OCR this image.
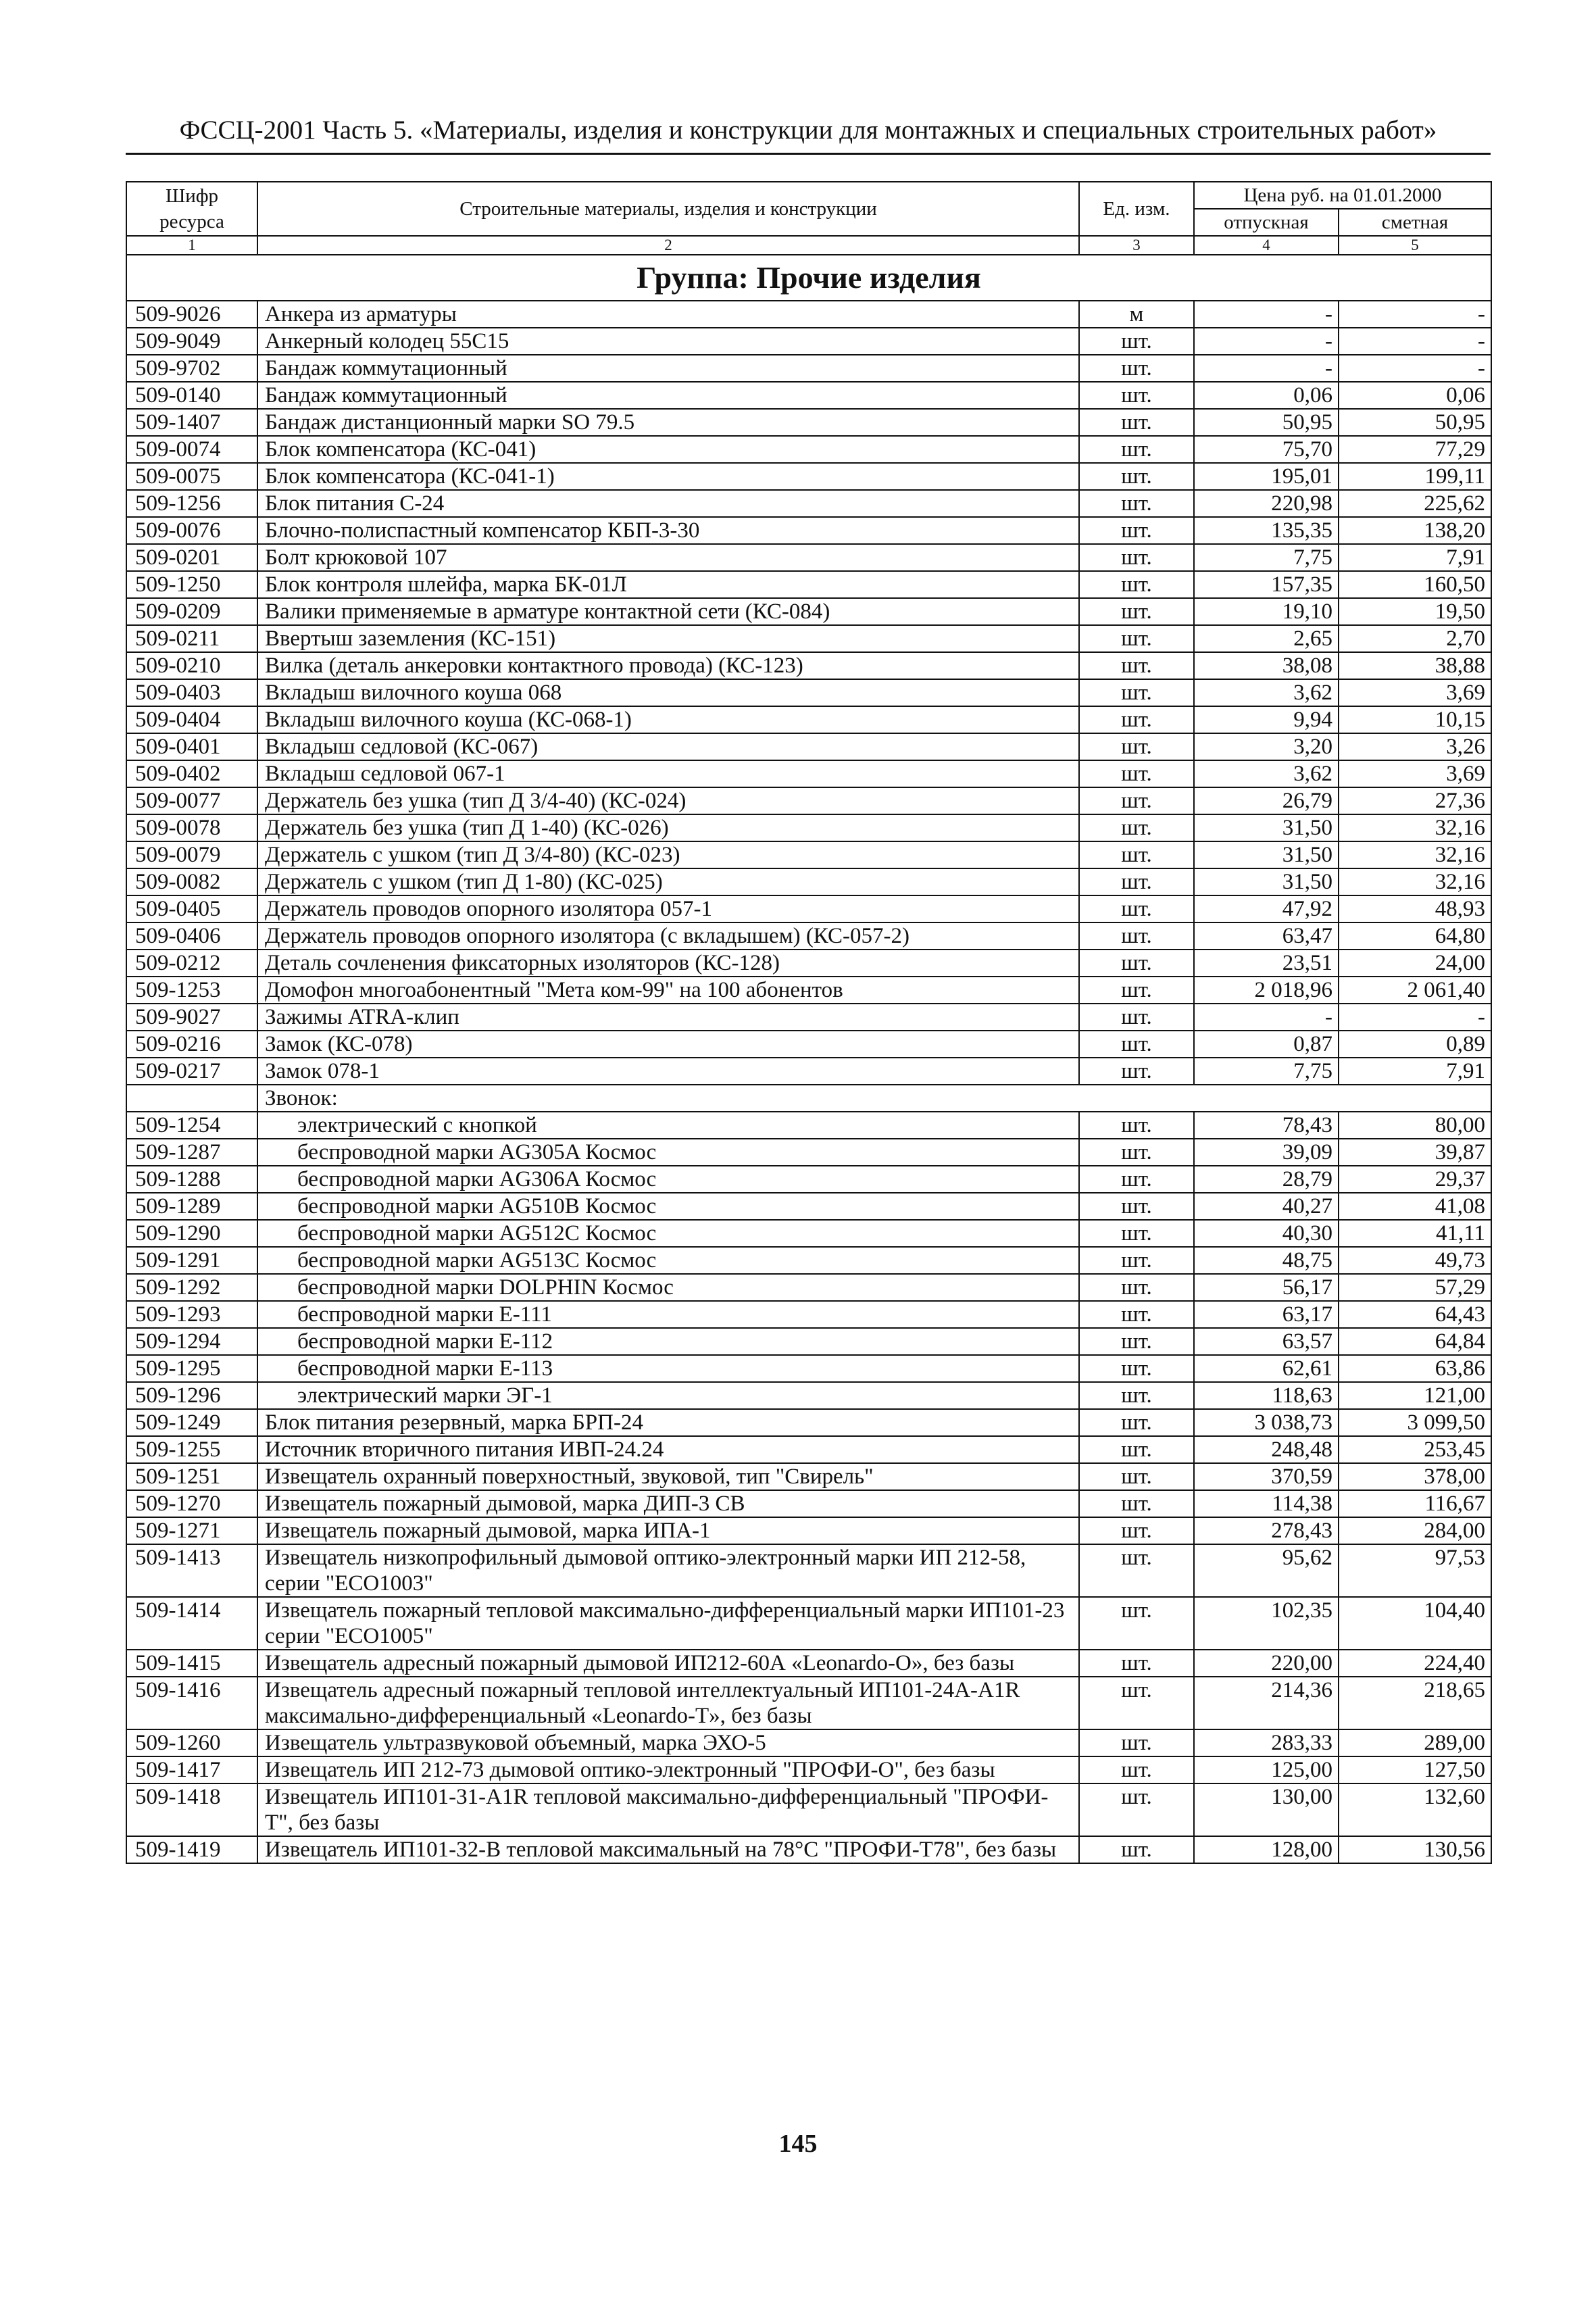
ФССЦ-2001 Часть 5. «Материалы, изделия и конструкции для монтажных и специальных строительных работ»
Шифр ресурса	Строительные материалы, изделия и конструкции	Ед. изм.	Цена руб. на 01.01.2000	
			отпускная	сметная
1	2	3	4	5
Группа: Прочие изделия				
509-9026	Анкера из арматуры	м	-	-
509-9049	Анкерный колодец 55С15	шт.	-	-
509-9702	Бандаж коммутационный	шт.	-	-
509-0140	Бандаж коммутационный	шт.	0,06	0,06
509-1407	Бандаж дистанционный марки SO 79.5	шт.	50,95	50,95
509-0074	Блок компенсатора (КС-041)	шт.	75,70	77,29
509-0075	Блок компенсатора (КС-041-1)	шт.	195,01	199,11
509-1256	Блок питания С-24	шт.	220,98	225,62
509-0076	Блочно-полиспастный компенсатор КБП-3-30	шт.	135,35	138,20
509-0201	Болт крюковой 107	шт.	7,75	7,91
509-1250	Блок контроля шлейфа, марка БК-01Л	шт.	157,35	160,50
509-0209	Валики применяемые в арматуре контактной сети (КС-084)	шт.	19,10	19,50
509-0211	Ввертыш заземления (КС-151)	шт.	2,65	2,70
509-0210	Вилка (деталь анкеровки контактного провода) (КС-123)	шт.	38,08	38,88
509-0403	Вкладыш вилочного коуша 068	шт.	3,62	3,69
509-0404	Вкладыш вилочного коуша (КС-068-1)	шт.	9,94	10,15
509-0401	Вкладыш седловой (КС-067)	шт.	3,20	3,26
509-0402	Вкладыш седловой 067-1	шт.	3,62	3,69
509-0077	Держатель без ушка (тип Д 3/4-40) (КС-024)	шт.	26,79	27,36
509-0078	Держатель без ушка (тип Д 1-40) (КС-026)	шт.	31,50	32,16
509-0079	Держатель с ушком (тип Д 3/4-80) (КС-023)	шт.	31,50	32,16
509-0082	Держатель с ушком (тип Д 1-80) (КС-025)	шт.	31,50	32,16
509-0405	Держатель проводов опорного изолятора 057-1	шт.	47,92	48,93
509-0406	Держатель проводов опорного изолятора (с вкладышем) (КС-057-2)	шт.	63,47	64,80
509-0212	Деталь сочленения фиксаторных изоляторов (КС-128)	шт.	23,51	24,00
509-1253	Домофон многоабонентный "Мета ком-99" на 100 абонентов	шт.	2 018,96	2 061,40
509-9027	Зажимы ATRA-клип	шт.	-	-
509-0216	Замок (КС-078)	шт.	0,87	0,89
509-0217	Замок 078-1	шт.	7,75	7,91
	Звонок:			
509-1254	электрический с кнопкой	шт.	78,43	80,00
509-1287	беспроводной марки AG305A Космос	шт.	39,09	39,87
509-1288	беспроводной марки AG306A Космос	шт.	28,79	29,37
509-1289	беспроводной марки AG510B Космос	шт.	40,27	41,08
509-1290	беспроводной марки AG512C Космос	шт.	40,30	41,11
509-1291	беспроводной марки AG513C Космос	шт.	48,75	49,73
509-1292	беспроводной марки DOLPHIN Космос	шт.	56,17	57,29
509-1293	беспроводной марки Е-111	шт.	63,17	64,43
509-1294	беспроводной марки Е-112	шт.	63,57	64,84
509-1295	беспроводной марки Е-113	шт.	62,61	63,86
509-1296	электрический марки ЭГ-1	шт.	118,63	121,00
509-1249	Блок питания резервный, марка БРП-24	шт.	3 038,73	3 099,50
509-1255	Источник вторичного питания ИВП-24.24	шт.	248,48	253,45
509-1251	Извещатель охранный поверхностный, звуковой, тип "Свирель"	шт.	370,59	378,00
509-1270	Извещатель пожарный дымовой, марка ДИП-3 СВ	шт.	114,38	116,67
509-1271	Извещатель пожарный дымовой, марка ИПА-1	шт.	278,43	284,00
509-1413	Извещатель низкопрофильный дымовой оптико-электронный марки ИП 212-58, серии "ECO1003"	шт.	95,62	97,53
509-1414	Извещатель пожарный тепловой максимально-дифференциальный марки ИП101-23 серии "ECO1005"	шт.	102,35	104,40
509-1415	Извещатель адресный пожарный дымовой ИП212-60А «Leonardo-O», без базы	шт.	220,00	224,40
509-1416	Извещатель адресный пожарный тепловой интеллектуальный ИП101-24А-A1R максимально-дифференциальный «Leonardo-T», без базы	шт.	214,36	218,65
509-1260	Извещатель ультразвуковой объемный, марка ЭХО-5	шт.	283,33	289,00
509-1417	Извещатель ИП 212-73 дымовой оптико-электронный "ПРОФИ-О", без базы	шт.	125,00	127,50
509-1418	Извещатель ИП101-31-A1R тепловой максимально-дифференциальный "ПРОФИ-Т", без базы	шт.	130,00	132,60
509-1419	Извещатель ИП101-32-В тепловой максимальный на 78°С "ПРОФИ-Т78", без базы	шт.	128,00	130,56
145
